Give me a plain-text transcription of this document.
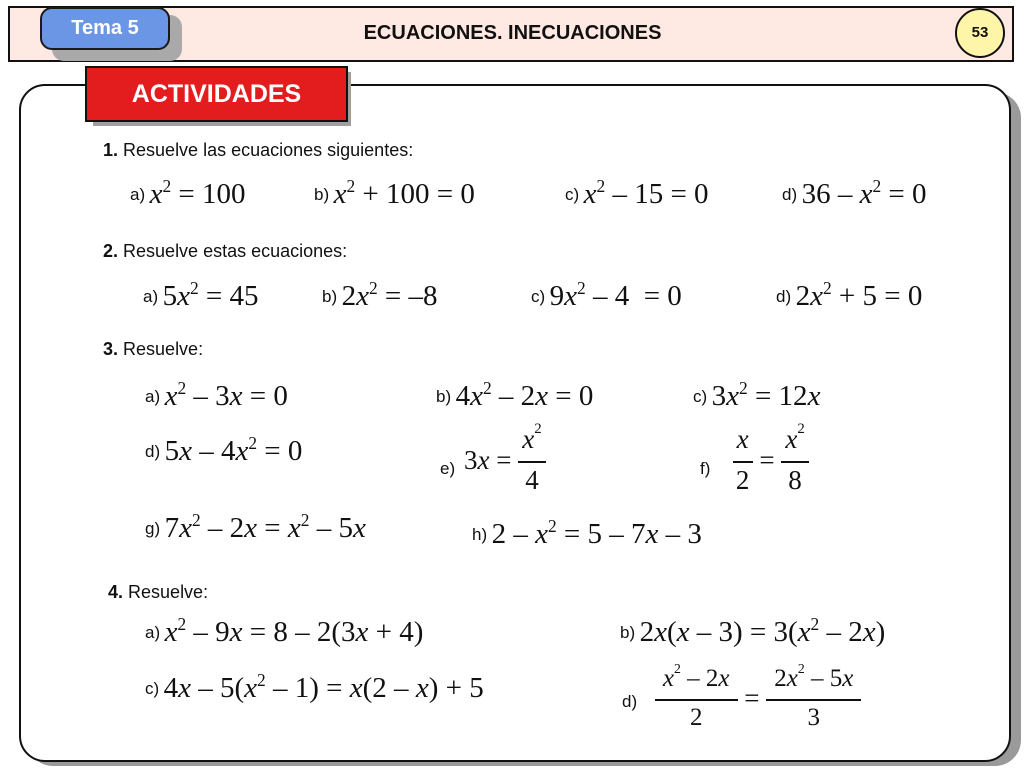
Tema 5	ECUACIONES. INECUACIONES	53
ACTIVIDADES
1. Resuelve las ecuaciones siguientes:
a)
$x^2 = 100$	b)
$x^2 + 100 = 0$	c)
$x^2 - 15 = 0$	d)
$36 - x^2 = 0$
2. Resuelve estas ecuaciones:
a)
$5x^2 = 45$	b)
$2x^2 = -8$	c)
$9x^2 - 4 = 0$	d)
$2x^2 + 5 = 0$
3. Resuelve:
a)
$x^2 - 3x = 0$	b)
$4x^2 - 2x = 0$	c)
$3x^2 = 12x$
d)
$5x - 4x^2 = 0$
e)
$3x = \frac{x^2}{4}$	f)
$\frac{x}{2} = \frac{x^2}{8}$
g)
$7x^2 - 2x = x^2 - 5x$	h)
$2 - x^2 = 5 - 7x - 3$
4. Resuelve:
a)
$x^2 - 9x = 8 - 2(3x + 4)$	b)
$2x(x - 3) = 3(x^2 - 2x)$
c)
$4x - 5(x^2 - 1) = x(2 - x) + 5$	d)
$\frac{x^2 - 2x}{2} = \frac{2x^2 - 5x}{3}$
